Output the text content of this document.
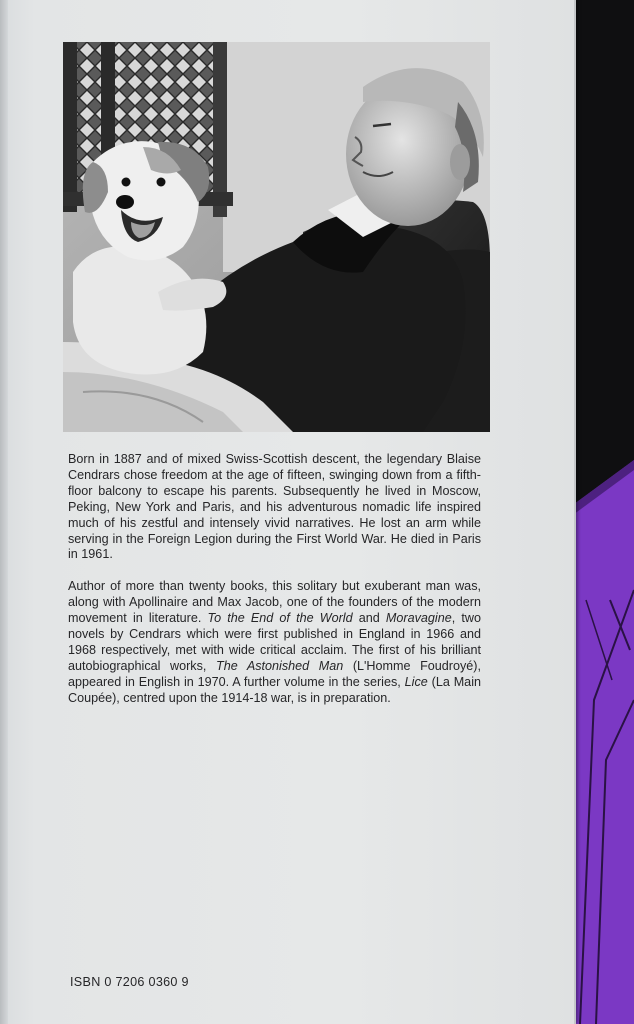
Born in 1887 and of mixed Swiss-Scottish descent, the legendary Blaise Cendrars chose freedom at the age of fifteen, swinging down from a fifth-floor balcony to escape his parents. Subsequently he lived in Moscow, Peking, New York and Paris, and his adventurous nomadic life inspired much of his zestful and intensely vivid narratives. He lost an arm while serving in the Foreign Legion during the First World War. He died in Paris in 1961.

Author of more than twenty books, this solitary but exuberant man was, along with Apollinaire and Max Jacob, one of the founders of the modern movement in literature. To the End of the World and Moravagine, two novels by Cendrars which were first published in England in 1966 and 1968 respectively, met with wide critical acclaim. The first of his brilliant autobiographical works, The Astonished Man (L'Homme Foudroyé), appeared in English in 1970. A further volume in the series, Lice (La Main Coupée), centred upon the 1914-18 war, is in preparation.

ISBN 0 7206 0360 9
